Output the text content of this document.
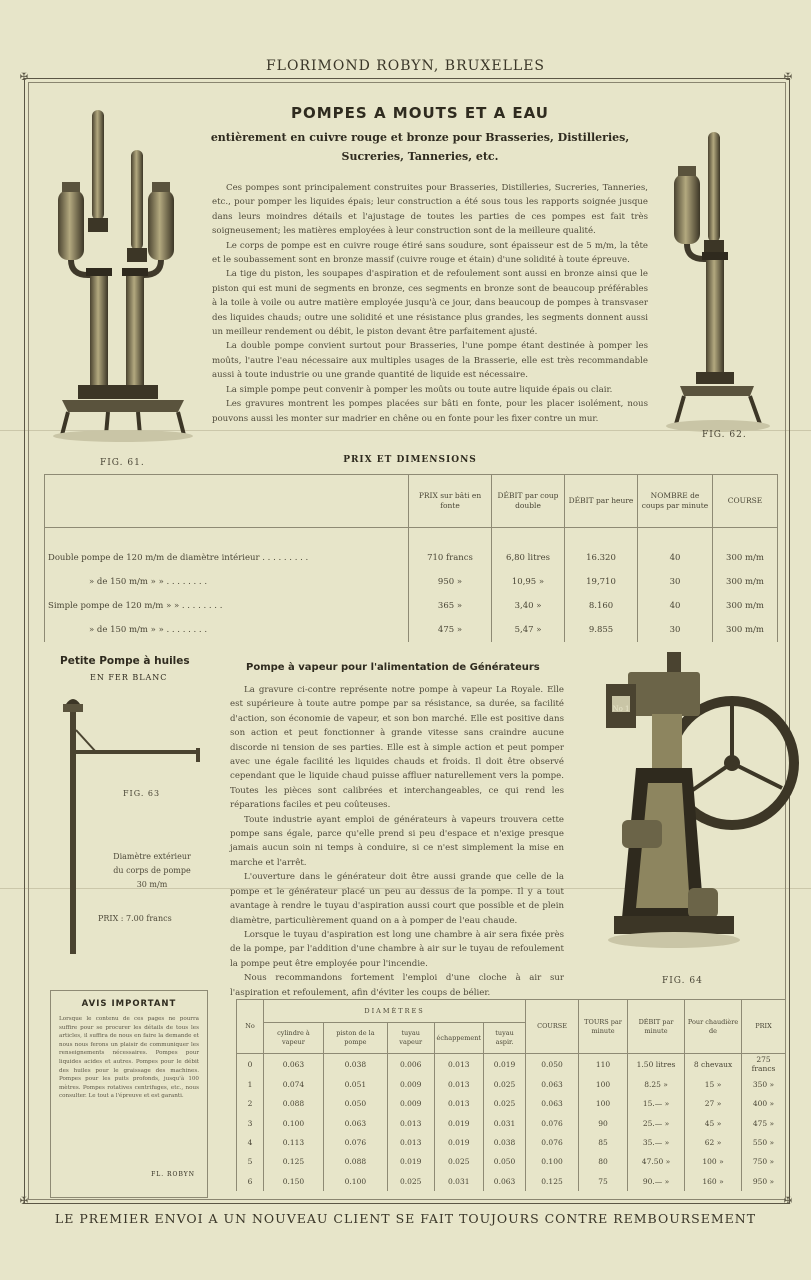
✠	✠
✠	✠
FLORIMOND ROBYN, BRUXELLES
POMPES A MOUTS ET A EAU
entièrement en cuivre rouge et bronze pour Brasseries, Distilleries,
Sucreries, Tanneries, etc.
FIG. 61.
FIG. 62.

Ces pompes sont principalement construites pour Brasseries, Distilleries, Sucreries, Tanneries, etc., pour pomper les liquides épais; leur construction a été sous tous les rapports soignée jusque dans leurs moindres détails et l'ajustage de toutes les parties de ces pompes est fait très soigneusement; les matières employées à leur construction sont de la meilleure qualité.

Le corps de pompe est en cuivre rouge étiré sans soudure, sont épaisseur est de 5 m/m, la tête et le soubassement sont en bronze massif (cuivre rouge et étain) d'une solidité à toute épreuve.

La tige du piston, les soupapes d'aspiration et de refoulement sont aussi en bronze ainsi que le piston qui est muni de segments en bronze, ces segments en bronze sont de beaucoup préférables à la toile à voile ou autre matière employée jusqu'à ce jour, dans beaucoup de pompes à transvaser des liquides chauds; outre une solidité et une résistance plus grandes, les segments donnent aussi un meilleur rendement ou débit, le piston devant être parfaitement ajusté.

La double pompe convient surtout pour Brasseries, l'une pompe étant destinée à pomper les moûts, l'autre l'eau nécessaire aux multiples usages de la Brasserie, elle est très recommandable aussi à toute industrie ou une grande quantité de liquide est nécessaire.

La simple pompe peut convenir à pomper les moûts ou toute autre liquide épais ou clair.

Les gravures montrent les pompes placées sur bâti en fonte, pour les placer isolément, nous pouvons aussi les monter sur madrier en chêne ou en fonte pour les fixer contre un mur.

PRIX ET DIMENSIONS
	PRIX sur bâti en fonte	DÉBIT par coup double	DÉBIT par heure	NOMBRE de coups par minute	COURSE
Double pompe de 120 m/m de diamètre intérieur . . . . . . . . .	710 francs	6,80 litres	16.320	40	300 m/m
» de 150 m/m » » . . . . . . . .	950 »	10,95 »	19,710	30	300 m/m
Simple pompe de 120 m/m » » . . . . . . . .	365 »	3,40 »	8.160	40	300 m/m
» de 150 m/m » » . . . . . . . .	475 »	5,47 »	9.855	30	300 m/m
Petite Pompe à huiles
EN FER BLANC
FIG. 63
Diamètre extérieur
du corps de pompe
30 m/m
PRIX : 7.00 francs
Pompe à vapeur pour l'alimentation de Générateurs

La gravure ci-contre représente notre pompe à vapeur La Royale. Elle est supérieure à toute autre pompe par sa résistance, sa durée, sa facilité d'action, son économie de vapeur, et son bon marché. Elle est positive dans son action et peut fonctionner à grande vitesse sans craindre aucune discorde ni tension de ses parties. Elle est à simple action et peut pomper avec une égale facilité les liquides chauds et froids. Il doit être observé cependant que le liquide chaud puisse affluer naturellement vers la pompe. Toutes les pièces sont calibrées et interchangeables, ce qui rend les réparations faciles et peu coûteuses.

Toute industrie ayant emploi de générateurs à vapeurs trouvera cette pompe sans égale, parce qu'elle prend si peu d'espace et n'exige presque jamais aucun soin ni temps à conduire, si ce n'est simplement la mise en marche et l'arrêt.

L'ouverture dans le générateur doit être aussi grande que celle de la pompe et le générateur placé un peu au dessus de la pompe. Il y a tout avantage à rendre le tuyau d'aspiration aussi court que possible et de plein diamètre, particulièrement quand on a à pomper de l'eau chaude.

Lorsque le tuyau d'aspiration est long une chambre à air sera fixée près de la pompe, par l'addition d'une chambre à air sur le tuyau de refoulement la pompe peut être employée pour l'incendie.

Nous recommandons fortement l'emploi d'une cloche à air sur l'aspiration et refoulement, afin d'éviter les coups de bélier.

No 1
FIG. 64
AVIS IMPORTANT
Lorsque le contenu de ces pages ne pourra suffire pour se procurer les détails de tous les articles, il suffira de nous en faire la demande et nous nous ferons un plaisir de communiquer les renseignements nécessaires. Pompes pour liquides acides et autres. Pompes pour le débit des huiles pour le graissage des machines. Pompes pour les puits profonds, jusqu'à 100 mètres. Pompes rotatives centrifuges, etc., nous consulter. Le tout a l'épreuve et est garanti.
FL. ROBYN
No	DIAMÈTRES					COURSE	TOURS par minute	DÉBIT par minute	Pour chaudière de	PRIX
	cylindre à vapeur	piston de la pompe	tuyau vapeur	échappement	tuyau aspir.					
0	0.063	0.038	0.006	0.013	0.019	0.050	110	1.50 litres	8 chevaux	275 francs
1	0.074	0.051	0.009	0.013	0.025	0.063	100	8.25 »	15 »	350 »
2	0.088	0.050	0.009	0.013	0.025	0.063	100	15.— »	27 »	400 »
3	0.100	0.063	0.013	0.019	0.031	0.076	90	25.— »	45 »	475 »
4	0.113	0.076	0.013	0.019	0.038	0.076	85	35.— »	62 »	550 »
5	0.125	0.088	0.019	0.025	0.050	0.100	80	47.50 »	100 »	750 »
6	0.150	0.100	0.025	0.031	0.063	0.125	75	90.— »	160 »	950 »
LE PREMIER ENVOI A UN NOUVEAU CLIENT SE FAIT TOUJOURS CONTRE REMBOURSEMENT
